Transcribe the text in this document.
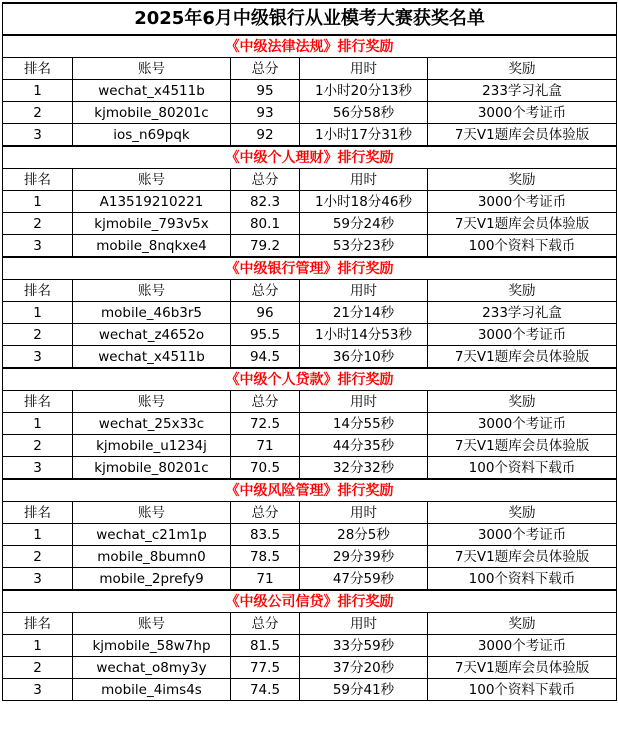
2025年6月中级银行从业模考大赛获奖名单				
《中级法律法规》排行奖励				
排名	账号	总分	用时	奖励
1	wechat_x4511b	95	1小时20分13秒	233学习礼盒
2	kjmobile_80201c	93	56分58秒	3000个考证币
3	ios_n69pqk	92	1小时17分31秒	7天V1题库会员体验版
《中级个人理财》排行奖励				
排名	账号	总分	用时	奖励
1	A13519210221	82.3	1小时18分46秒	3000个考证币
2	kjmobile_793v5x	80.1	59分24秒	7天V1题库会员体验版
3	mobile_8nqkxe4	79.2	53分23秒	100个资料下载币
《中级银行管理》排行奖励				
排名	账号	总分	用时	奖励
1	mobile_46b3r5	96	21分14秒	233学习礼盒
2	wechat_z4652o	95.5	1小时14分53秒	3000个考证币
3	wechat_x4511b	94.5	36分10秒	7天V1题库会员体验版
《中级个人贷款》排行奖励				
排名	账号	总分	用时	奖励
1	wechat_25x33c	72.5	14分55秒	3000个考证币
2	kjmobile_u1234j	71	44分35秒	7天V1题库会员体验版
3	kjmobile_80201c	70.5	32分32秒	100个资料下载币
《中级风险管理》排行奖励				
排名	账号	总分	用时	奖励
1	wechat_c21m1p	83.5	28分5秒	3000个考证币
2	mobile_8bumn0	78.5	29分39秒	7天V1题库会员体验版
3	mobile_2prefy9	71	47分59秒	100个资料下载币
《中级公司信贷》排行奖励				
排名	账号	总分	用时	奖励
1	kjmobile_58w7hp	81.5	33分59秒	3000个考证币
2	wechat_o8my3y	77.5	37分20秒	7天V1题库会员体验版
3	mobile_4ims4s	74.5	59分41秒	100个资料下载币
